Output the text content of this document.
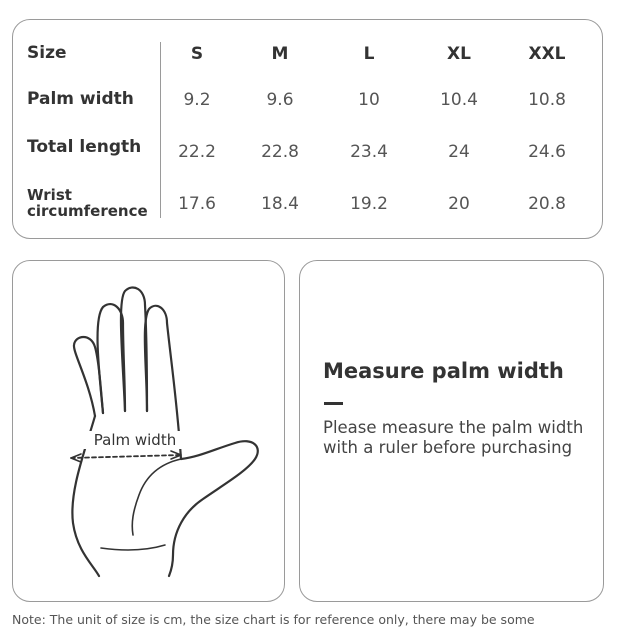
Size	S	M	L	XL	XXL
Palm width	9.2	9.6	10	10.4	10.8
Total length	22.2	22.8	23.4	24	24.6
Wrist
circumference	17.6	18.4	19.2	20	20.8
Palm width
Measure palm width
Please measure the palm width with a ruler before purchasing
Note: The unit of size is cm, the size chart is for reference only, there may be some
